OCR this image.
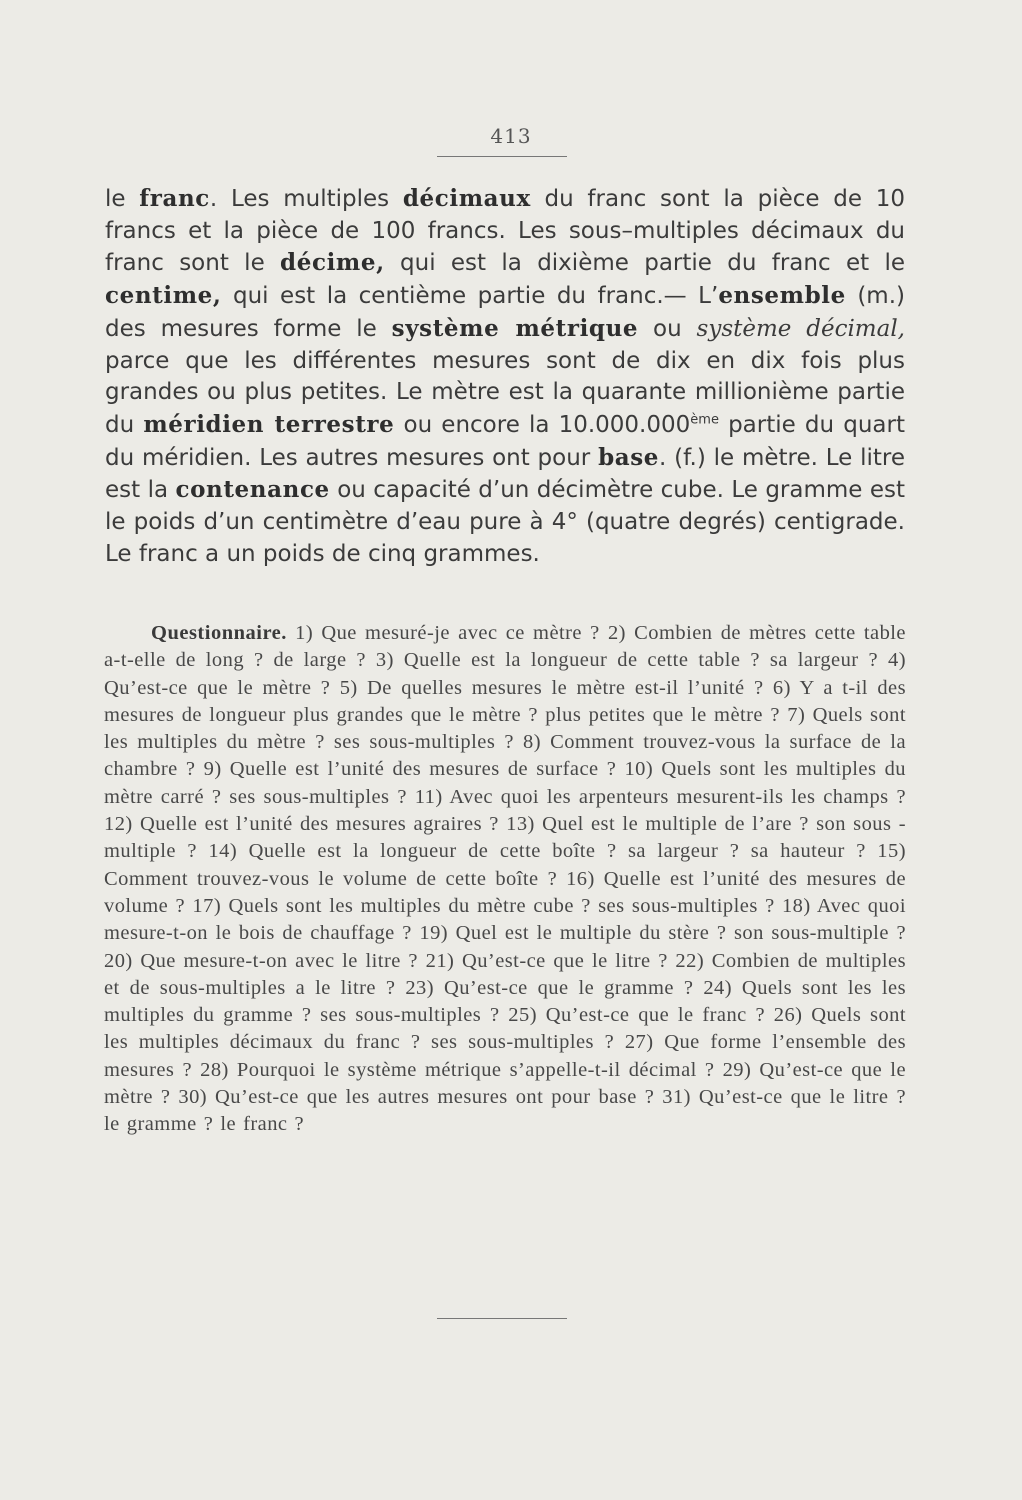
413

le franc. Les multiples décimaux du franc sont la pièce de 10 francs et la pièce de 100 francs. Les sous–multiples décimaux du franc sont le décime, qui est la dixième partie du franc et le centime, qui est la centième partie du franc.— L’ensemble (m.) des mesures forme le système métrique ou système décimal, parce que les différentes mesures sont de dix en dix fois plus grandes ou plus petites. Le mètre est la quarante millionième partie du méridien terrestre ou encore la 10.000.000ème partie du quart du méridien. Les autres mesures ont pour base. (f.) le mètre. Le litre est la contenance ou capacité d’un décimètre cube. Le gramme est le poids d’un centimètre d’eau pure à 4° (quatre degrés) centigrade. Le franc a un poids de cinq grammes.

Questionnaire. 1) Que mesuré-je avec ce mètre ? 2) Combien de mètres cette table a-t-elle de long ? de large ? 3) Quelle est la longueur de cette table ? sa largeur ? 4) Qu’est-ce que le mètre ? 5) De quelles mesures le mètre est-il l’unité ? 6) Y a t-il des mesures de longueur plus grandes que le mètre ? plus petites que le mètre ? 7) Quels sont les multiples du mètre ? ses sous-multiples ? 8) Comment trouvez-vous la surface de la chambre ? 9) Quelle est l’unité des mesures de surface ? 10) Quels sont les multiples du mètre carré ? ses sous-multiples ? 11) Avec quoi les arpenteurs mesurent-ils les champs ? 12) Quelle est l’unité des mesures agraires ? 13) Quel est le multiple de l’are ? son sous - multiple ? 14) Quelle est la longueur de cette boîte ? sa largeur ? sa hauteur ? 15) Comment trouvez-vous le volume de cette boîte ? 16) Quelle est l’unité des mesures de volume ? 17) Quels sont les multiples du mètre cube ? ses sous-multiples ? 18) Avec quoi mesure-t-on le bois de chauffage ? 19) Quel est le multiple du stère ? son sous-multiple ? 20) Que mesure-t-on avec le litre ? 21) Qu’est-ce que le litre ? 22) Combien de multiples et de sous-multiples a le litre ? 23) Qu’est-ce que le gramme ? 24) Quels sont les les multiples du gramme ? ses sous-multiples ? 25) Qu’est-ce que le franc ? 26) Quels sont les multiples décimaux du franc ? ses sous-multiples ? 27) Que forme l’ensemble des mesures ? 28) Pourquoi le système métrique s’appelle-t-il décimal ? 29) Qu’est-ce que le mètre ? 30) Qu’est-ce que les autres mesures ont pour base ? 31) Qu’est-ce que le litre ? le gramme ? le franc ?
